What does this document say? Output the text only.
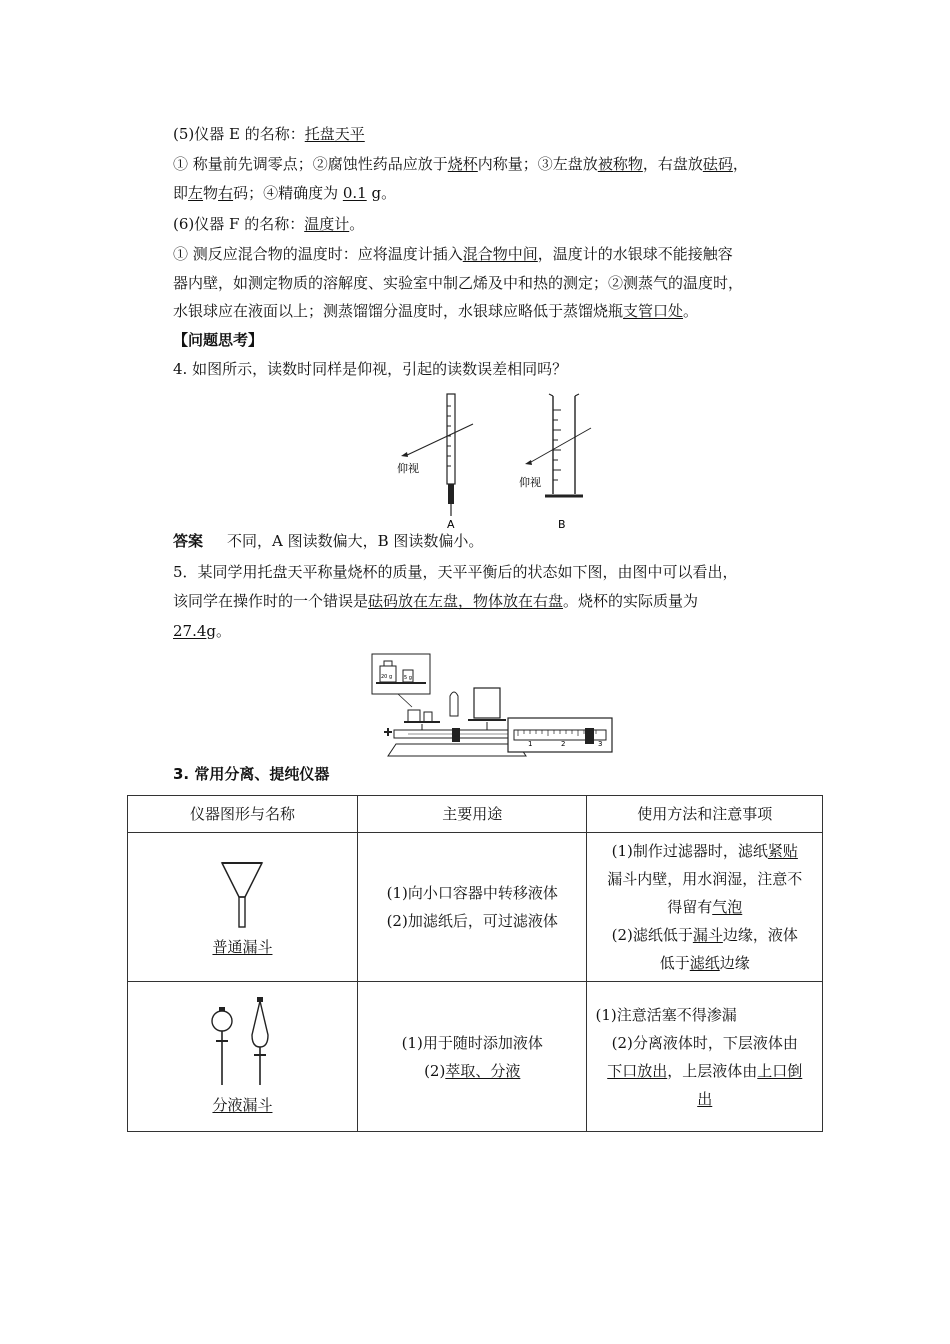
(5)仪器 E 的名称：托盘天平
① 称量前先调零点；②腐蚀性药品应放于烧杯内称量；③左盘放被称物，右盘放砝码，
即左物右码；④精确度为 0.1 g。
(6)仪器 F 的名称：温度计。
① 测反应混合物的温度时：应将温度计插入混合物中间，温度计的水银球不能接触容
器内壁，如测定物质的溶解度、实验室中制乙烯及中和热的测定；②测蒸气的温度时，
水银球应在液面以上；测蒸馏馏分温度时，水银球应略低于蒸馏烧瓶支管口处。
【问题思考】
4. 如图所示，读数时同样是仰视，引起的读数误差相同吗？
仰视
A
仰视
B
答案 不同，A 图读数偏大，B 图读数偏小。
5．某同学用托盘天平称量烧杯的质量，天平平衡后的状态如下图，由图中可以看出，
该同学在操作时的一个错误是砝码放在左盘，物体放在右盘。烧杯的实际质量为
27.4g。
20 g 5 g
1	2	3
3. 常用分离、提纯仪器
仪器图形与名称	主要用途	使用方法和注意事项

普通漏斗	(1)向小口容器中转移液体
(2)加滤纸后，可过滤液体	(1)制作过滤器时，滤纸紧贴
漏斗内壁，用水润湿，注意不
得留有气泡
(2)滤纸低于漏斗边缘，液体
低于滤纸边缘

分液漏斗	(1)用于随时添加液体
(2)萃取、分液	(1)注意活塞不得渗漏
(2)分离液体时，下层液体由
下口放出，上层液体由上口倒
出
